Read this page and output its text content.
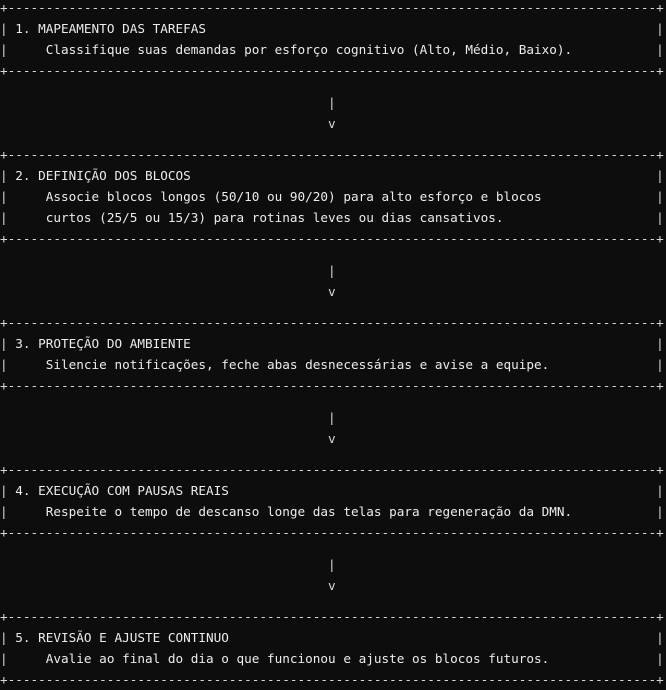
+-------------------------------------------------------------------------------------+
| 1. MAPEAMENTO DAS TAREFAS                                                           |
|     Classifique suas demandas por esforço cognitivo (Alto, Médio, Baixo).           |
+-------------------------------------------------------------------------------------+
|
v
+-------------------------------------------------------------------------------------+
| 2. DEFINIÇÃO DOS BLOCOS                                                             |
|     Associe blocos longos (50/10 ou 90/20) para alto esforço e blocos               |
|     curtos (25/5 ou 15/3) para rotinas leves ou dias cansativos.                    |
+-------------------------------------------------------------------------------------+
|
v
+-------------------------------------------------------------------------------------+
| 3. PROTEÇÃO DO AMBIENTE                                                             |
|     Silencie notificações, feche abas desnecessárias e avise a equipe.              |
+-------------------------------------------------------------------------------------+
|
v
+-------------------------------------------------------------------------------------+
| 4. EXECUÇÃO COM PAUSAS REAIS                                                        |
|     Respeite o tempo de descanso longe das telas para regeneração da DMN.           |
+-------------------------------------------------------------------------------------+
|
v
+-------------------------------------------------------------------------------------+
| 5. REVISÃO E AJUSTE CONTINUO                                                        |
|     Avalie ao final do dia o que funcionou e ajuste os blocos futuros.              |
+-------------------------------------------------------------------------------------+
